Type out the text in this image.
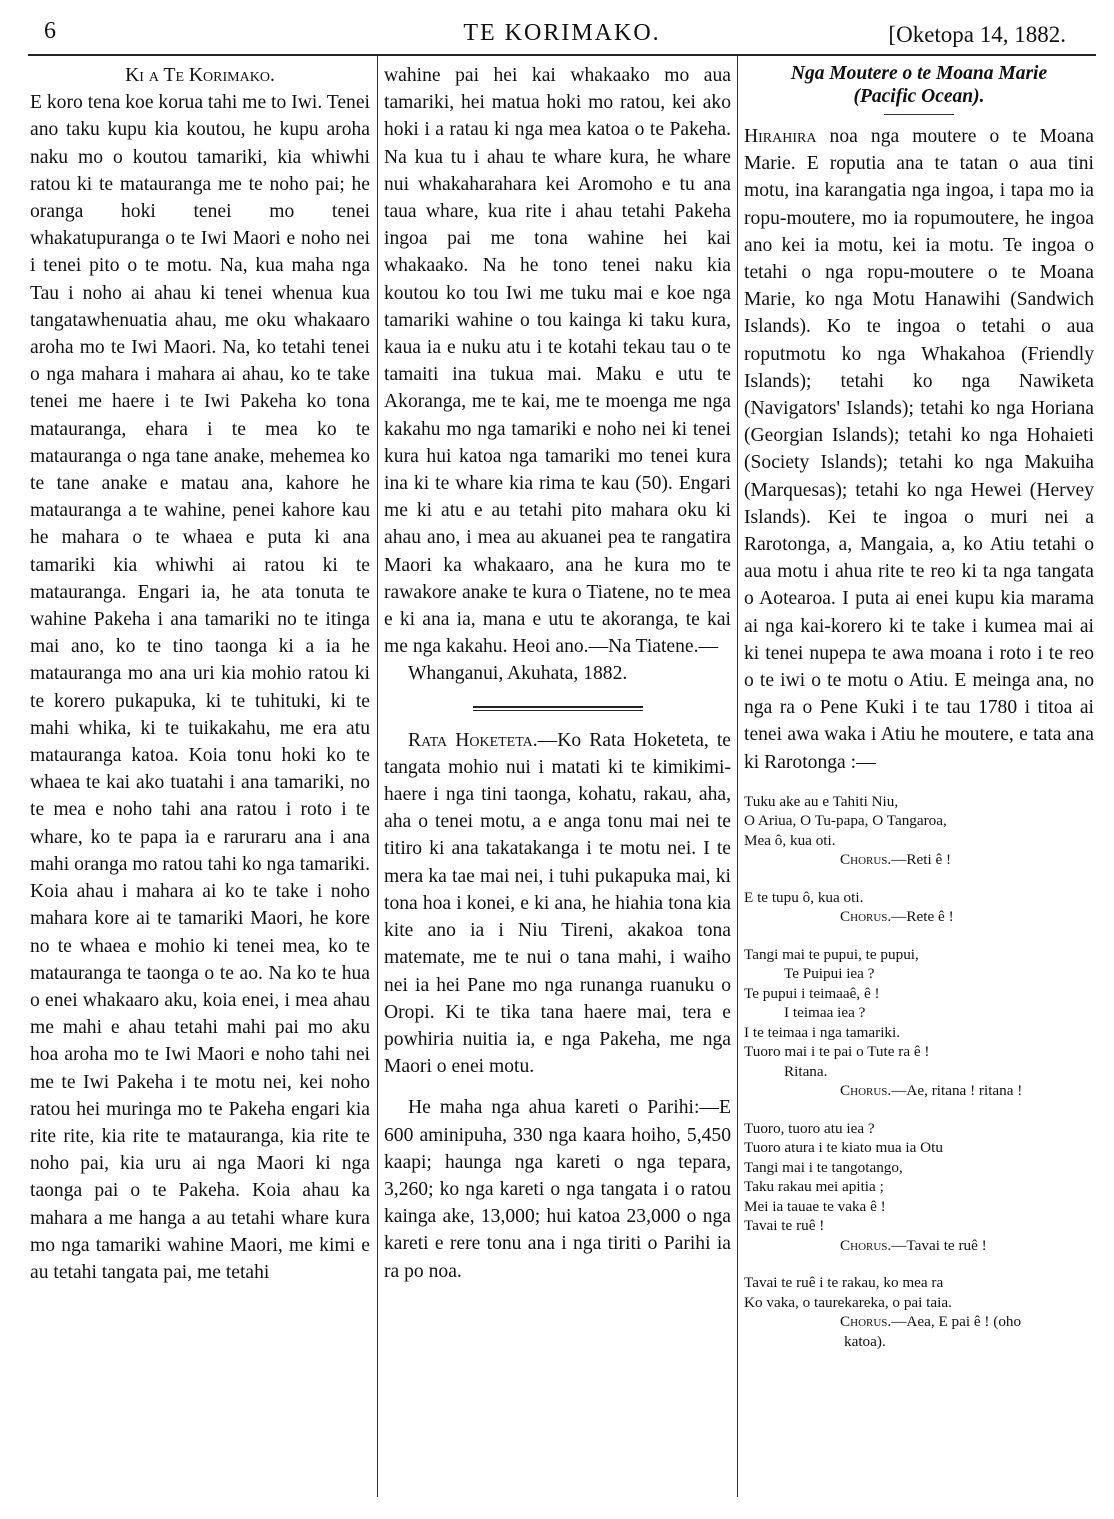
6	TE KORIMAKO.	[Oketopa 14, 1882.

Ki a Te Korimako.

E koro tena koe korua tahi me to Iwi. Tenei ano taku kupu kia koutou, he kupu aroha naku mo o koutou tamariki, kia whiwhi ratou ki te matauranga me te noho pai; he oranga hoki tenei mo tenei whakatupuranga o te Iwi Maori e noho nei i tenei pito o te motu. Na, kua maha nga Tau i noho ai ahau ki tenei whenua kua tangatawhenuatia ahau, me oku whakaaro aroha mo te Iwi Maori. Na, ko tetahi tenei o nga mahara i mahara ai ahau, ko te take tenei me haere i te Iwi Pakeha ko tona matauranga, ehara i te mea ko te matauranga o nga tane anake, mehemea ko te tane anake e matau ana, kahore he matauranga a te wahine, penei kahore kau he mahara o te whaea e puta ki ana tamariki kia whiwhi ai ratou ki te matauranga. Engari ia, he ata tonuta te wahine Pakeha i ana tamariki no te itinga mai ano, ko te tino taonga ki a ia he matauranga mo ana uri kia mohio ratou ki te korero pukapuka, ki te tuhituki, ki te mahi whika, ki te tuikakahu, me era atu matauranga katoa. Koia tonu hoki ko te whaea te kai ako tuatahi i ana tamariki, no te mea e noho tahi ana ratou i roto i te whare, ko te papa ia e raruraru ana i ana mahi oranga mo ratou tahi ko nga tamariki. Koia ahau i mahara ai ko te take i noho mahara kore ai te tamariki Maori, he kore no te whaea e mohio ki tenei mea, ko te matauranga te taonga o te ao. Na ko te hua o enei whakaaro aku, koia enei, i mea ahau me mahi e ahau tetahi mahi pai mo aku hoa aroha mo te Iwi Maori e noho tahi nei me te Iwi Pakeha i te motu nei, kei noho ratou hei muringa mo te Pakeha engari kia rite rite, kia rite te matauranga, kia rite te noho pai, kia uru ai nga Maori ki nga taonga pai o te Pakeha. Koia ahau ka mahara a me hanga a au tetahi whare kura mo nga tamariki wahine Maori, me kimi e au tetahi tangata pai, me tetahi

wahine pai hei kai whakaako mo aua tamariki, hei matua hoki mo ratou, kei ako hoki i a ratau ki nga mea katoa o te Pakeha. Na kua tu i ahau te whare kura, he whare nui whakaharahara kei Aromoho e tu ana taua whare, kua rite i ahau tetahi Pakeha ingoa pai me tona wahine hei kai whakaako. Na he tono tenei naku kia koutou ko tou Iwi me tuku mai e koe nga tamariki wahine o tou kainga ki taku kura, kaua ia e nuku atu i te kotahi tekau tau o te tamaiti ina tukua mai. Maku e utu te Akoranga, me te kai, me te moenga me nga kakahu mo nga tamariki e noho nei ki tenei kura hui katoa nga tamariki mo tenei kura ina ki te whare kia rima te kau (50). Engari me ki atu e au tetahi pito mahara oku ki ahau ano, i mea au akuanei pea te rangatira Maori ka whakaaro, ana he kura mo te rawakore anake te kura o Tiatene, no te mea e ki ana ia, mana e utu te akoranga, te kai me nga kakahu. Heoi ano.—Na Tiatene.—

Whanganui, Akuhata, 1882.

Rata Hoketeta.—Ko Rata Hoketeta, te tangata mohio nui i matati ki te kimikimi-haere i nga tini taonga, kohatu, rakau, aha, aha o tenei motu, a e anga tonu mai nei te titiro ki ana takatakanga i te motu nei. I te mera ka tae mai nei, i tuhi pukapuka mai, ki tona hoa i konei, e ki ana, he hiahia tona kia kite ano ia i Niu Tireni, akakoa tona matemate, me te nui o tana mahi, i waiho nei ia hei Pane mo nga runanga ruanuku o Oropi. Ki te tika tana haere mai, tera e powhiria nuitia ia, e nga Pakeha, me nga Maori o enei motu.

He maha nga ahua kareti o Parihi:—E 600 aminipuha, 330 nga kaara hoiho, 5,450 kaapi; haunga nga kareti o nga tepara, 3,260; ko nga kareti o nga tangata i o ratou kainga ake, 13,000; hui katoa 23,000 o nga kareti e rere tonu ana i nga tiriti o Parihi ia ra po noa.

Nga Moutere o te Moana Marie
(Pacific Ocean).

Hirahira noa nga moutere o te Moana Marie. E roputia ana te tatan o aua tini motu, ina karangatia nga ingoa, i tapa mo ia ropu-moutere, mo ia ropumoutere, he ingoa ano kei ia motu, kei ia motu. Te ingoa o tetahi o nga ropu-moutere o te Moana Marie, ko nga Motu Hanawihi (Sandwich Islands). Ko te ingoa o tetahi o aua roputmotu ko nga Whakahoa (Friendly Islands); tetahi ko nga Nawiketa (Navigators' Islands); tetahi ko nga Horiana (Georgian Islands); tetahi ko nga Hohaieti (Society Islands); tetahi ko nga Makuiha (Marquesas); tetahi ko nga Hewei (Hervey Islands). Kei te ingoa o muri nei a Rarotonga, a, Mangaia, a, ko Atiu tetahi o aua motu i ahua rite te reo ki ta nga tangata o Aotearoa. I puta ai enei kupu kia marama ai nga kai-korero ki te take i kumea mai ai ki tenei nupepa te awa moana i roto i te reo o te iwi o te motu o Atiu. E meinga ana, no nga ra o Pene Kuki i te tau 1780 i titoa ai tenei awa waka i Atiu he moutere, e tata ana ki Rarotonga :—

Tuku ake au e Tahiti Niu,
O Ariua, O Tu-papa, O Tangaroa,
Mea ô, kua oti.
Chorus.—Reti ê !
E te tupu ô, kua oti.
Chorus.—Rete ê !
Tangi mai te pupui, te pupui,
Te Puipui iea ?
Te pupui i teimaaê, ê !
I teimaa iea ?
I te teimaa i nga tamariki.
Tuoro mai i te pai o Tute ra ê !
Ritana.
Chorus.—Ae, ritana ! ritana !
Tuoro, tuoro atu iea ?
Tuoro atura i te kiato mua ia Otu
Tangi mai i te tangotango,
Taku rakau mei apitia ;
Mei ia tauae te vaka ê !
Tavai te ruê !
Chorus.—Tavai te ruê !
Tavai te ruê i te rakau, ko mea ra
Ko vaka, o taurekareka, o pai taia.
Chorus.—Aea, E pai ê ! (oho
katoa).
